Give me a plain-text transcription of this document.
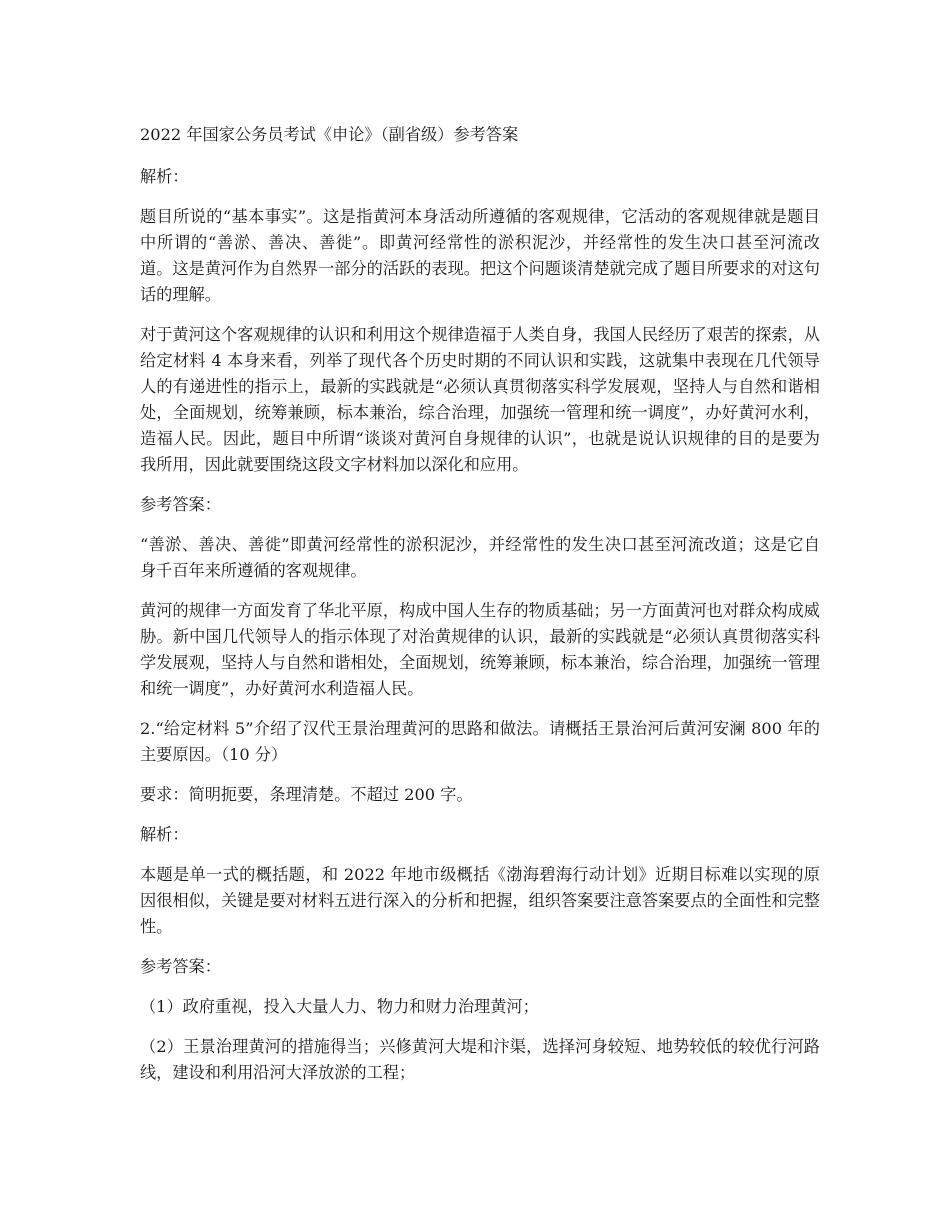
2022 年国家公务员考试《申论》（副省级）参考答案

解析：

题目所说的“基本事实”。这是指黄河本身活动所遵循的客观规律，它活动的客观规律就是题目中所谓的“善淤、善决、善徙”。即黄河经常性的淤积泥沙，并经常性的发生决口甚至河流改道。这是黄河作为自然界一部分的活跃的表现。把这个问题谈清楚就完成了题目所要求的对这句话的理解。

对于黄河这个客观规律的认识和利用这个规律造福于人类自身，我国人民经历了艰苦的探索，从给定材料 4 本身来看，列举了现代各个历史时期的不同认识和实践，这就集中表现在几代领导人的有递进性的指示上，最新的实践就是“必须认真贯彻落实科学发展观，坚持人与自然和谐相处，全面规划，统筹兼顾，标本兼治，综合治理，加强统一管理和统一调度”，办好黄河水利，造福人民。因此，题目中所谓“谈谈对黄河自身规律的认识”，也就是说认识规律的目的是要为我所用，因此就要围绕这段文字材料加以深化和应用。

参考答案：

“善淤、善决、善徙”即黄河经常性的淤积泥沙，并经常性的发生决口甚至河流改道；这是它自身千百年来所遵循的客观规律。

黄河的规律一方面发育了华北平原，构成中国人生存的物质基础；另一方面黄河也对群众构成威胁。新中国几代领导人的指示体现了对治黄规律的认识，最新的实践就是“必须认真贯彻落实科学发展观，坚持人与自然和谐相处，全面规划，统筹兼顾，标本兼治，综合治理，加强统一管理和统一调度”，办好黄河水利造福人民。

2.“给定材料 5”介绍了汉代王景治理黄河的思路和做法。请概括王景治河后黄河安澜 800 年的主要原因。（10 分）

要求：简明扼要，条理清楚。不超过 200 字。

解析：

本题是单一式的概括题，和 2022 年地市级概括《渤海碧海行动计划》近期目标难以实现的原因很相似，关键是要对材料五进行深入的分析和把握，组织答案要注意答案要点的全面性和完整性。

参考答案：

（1）政府重视，投入大量人力、物力和财力治理黄河；

（2）王景治理黄河的措施得当；兴修黄河大堤和汴渠，选择河身较短、地势较低的较优行河路线，建设和利用沿河大泽放淤的工程；
